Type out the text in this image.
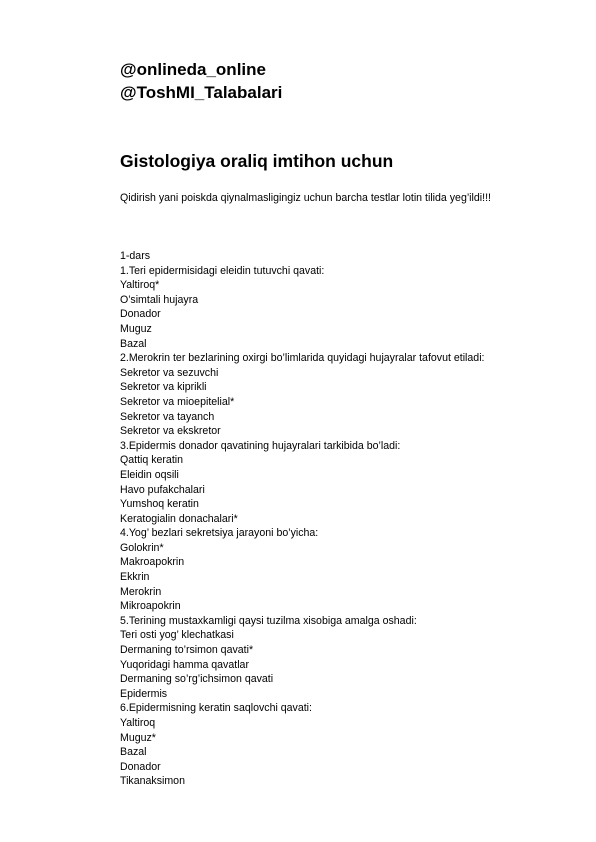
@onlineda_online
@ToshMI_Talabalari
Gistologiya oraliq imtihon uchun
Qidirish yani poiskda qiynalmasligingiz uchun barcha testlar lotin tilida yeg’ildi!!!
1-dars
1.Teri epidermisidagi eleidin tutuvchi qavati:
Yaltiroq*
O’simtali hujayra
Donador
Muguz
Bazal
2.Merokrin ter bezlarining oxirgi bo’limlarida quyidagi hujayralar tafovut etiladi:
Sekretor va sezuvchi
Sekretor va kiprikli
Sekretor va mioepitelial*
Sekretor va tayanch
Sekretor va ekskretor
3.Epidermis donador qavatining hujayralari tarkibida bo’ladi:
Qattiq keratin
Eleidin oqsili
Havo pufakchalari
Yumshoq keratin
Keratogialin donachalari*
4.Yog’ bezlari sekretsiya jarayoni bo’yicha:
Golokrin*
Makroapokrin
Ekkrin
Merokrin
Mikroapokrin
5.Terining mustaxkamligi qaysi tuzilma xisobiga amalga oshadi:
Teri osti yog’ klechatkasi
Dermaning to’rsimon qavati*
Yuqoridagi hamma qavatlar
Dermaning so’rg’ichsimon qavati
Epidermis
6.Epidermisning keratin saqlovchi qavati:
Yaltiroq
Muguz*
Bazal
Donador
Tikanaksimon
